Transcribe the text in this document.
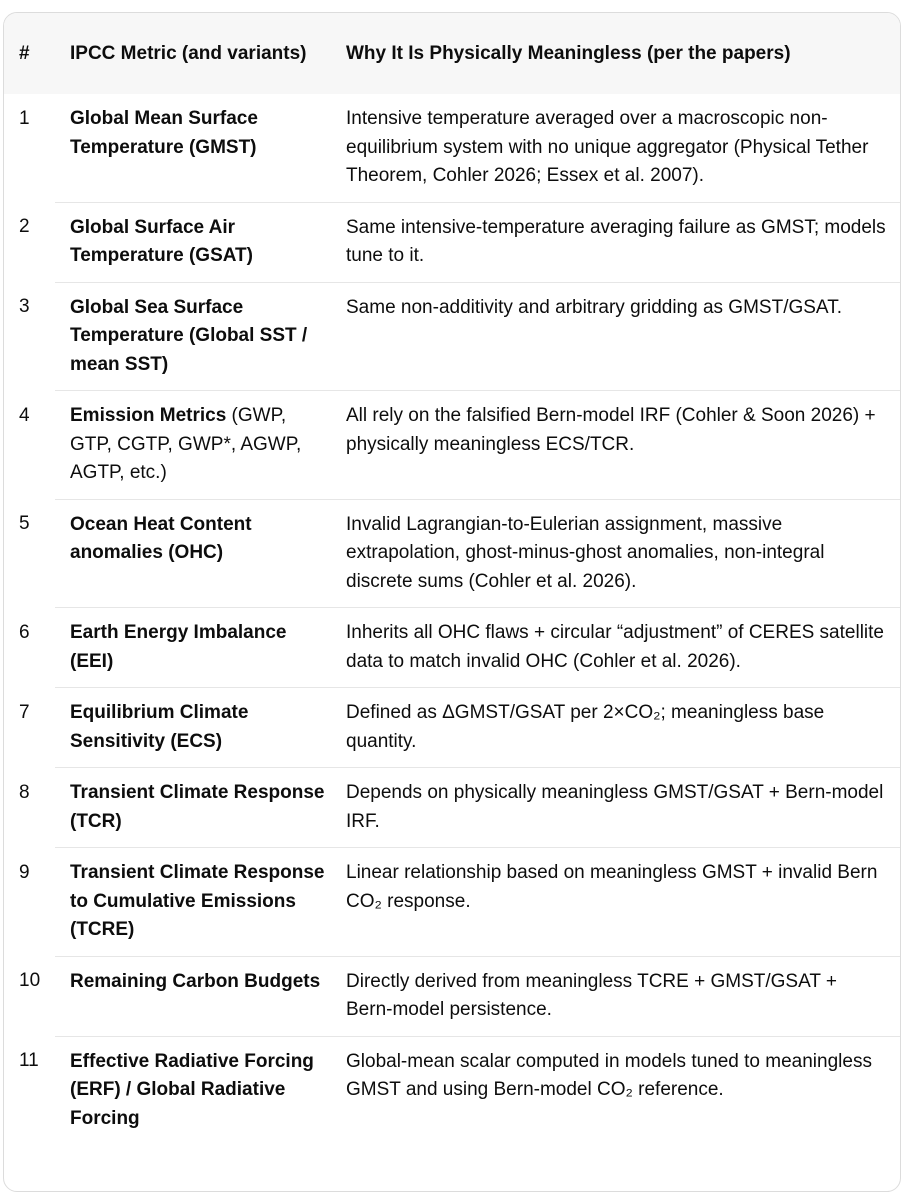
#	IPCC Metric (and variants)	Why It Is Physically Meaningless (per the papers)
1	Global Mean Surface Temperature (GMST)	Intensive temperature averaged over a macroscopic non-equilibrium system with no unique aggregator (Physical Tether Theorem, Cohler 2026; Essex et al. 2007).
2	Global Surface Air Temperature (GSAT)	Same intensive-temperature averaging failure as GMST; models tune to it.
3	Global Sea Surface Temperature (Global SST / mean SST)	Same non-additivity and arbitrary gridding as GMST/GSAT.
4	Emission Metrics (GWP, GTP, CGTP, GWP*, AGWP, AGTP, etc.)	All rely on the falsified Bern-model IRF (Cohler & Soon 2026) + physically meaningless ECS/TCR.
5	Ocean Heat Content anomalies (OHC)	Invalid Lagrangian-to-Eulerian assignment, massive extrapolation, ghost-minus-ghost anomalies, non-integral discrete sums (Cohler et al. 2026).
6	Earth Energy Imbalance (EEI)	Inherits all OHC flaws + circular “adjustment” of CERES satellite data to match invalid OHC (Cohler et al. 2026).
7	Equilibrium Climate Sensitivity (ECS)	Defined as ΔGMST/GSAT per 2×CO₂; meaningless base quantity.
8	Transient Climate Response (TCR)	Depends on physically meaningless GMST/GSAT + Bern-model IRF.
9	Transient Climate Response to Cumulative Emissions (TCRE)	Linear relationship based on meaningless GMST + invalid Bern CO₂ response.
10	Remaining Carbon Budgets	Directly derived from meaningless TCRE + GMST/GSAT + Bern-model persistence.
11	Effective Radiative Forcing (ERF) / Global Radiative Forcing	Global-mean scalar computed in models tuned to meaningless GMST and using Bern-model CO₂ reference.
